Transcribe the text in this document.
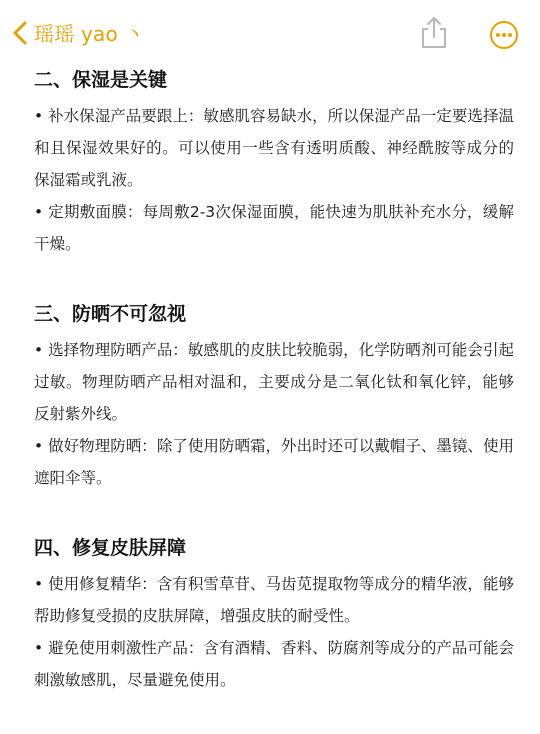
瑶瑶 yao 丶
二、保湿是关键

• 补水保湿产品要跟上：敏感肌容易缺水，所以保湿产品一定要选择温和且保湿效果好的。可以使用一些含有透明质酸、神经酰胺等成分的保湿霜或乳液。

• 定期敷面膜：每周敷2-3次保湿面膜，能快速为肌肤补充水分，缓解干燥。

三、防晒不可忽视

• 选择物理防晒产品：敏感肌的皮肤比较脆弱，化学防晒剂可能会引起过敏。物理防晒产品相对温和，主要成分是二氧化钛和氧化锌，能够反射紫外线。

• 做好物理防晒：除了使用防晒霜，外出时还可以戴帽子、墨镜、使用遮阳伞等。

四、修复皮肤屏障

• 使用修复精华：含有积雪草苷、马齿苋提取物等成分的精华液，能够帮助修复受损的皮肤屏障，增强皮肤的耐受性。

• 避免使用刺激性产品：含有酒精、香料、防腐剂等成分的产品可能会刺激敏感肌，尽量避免使用。
